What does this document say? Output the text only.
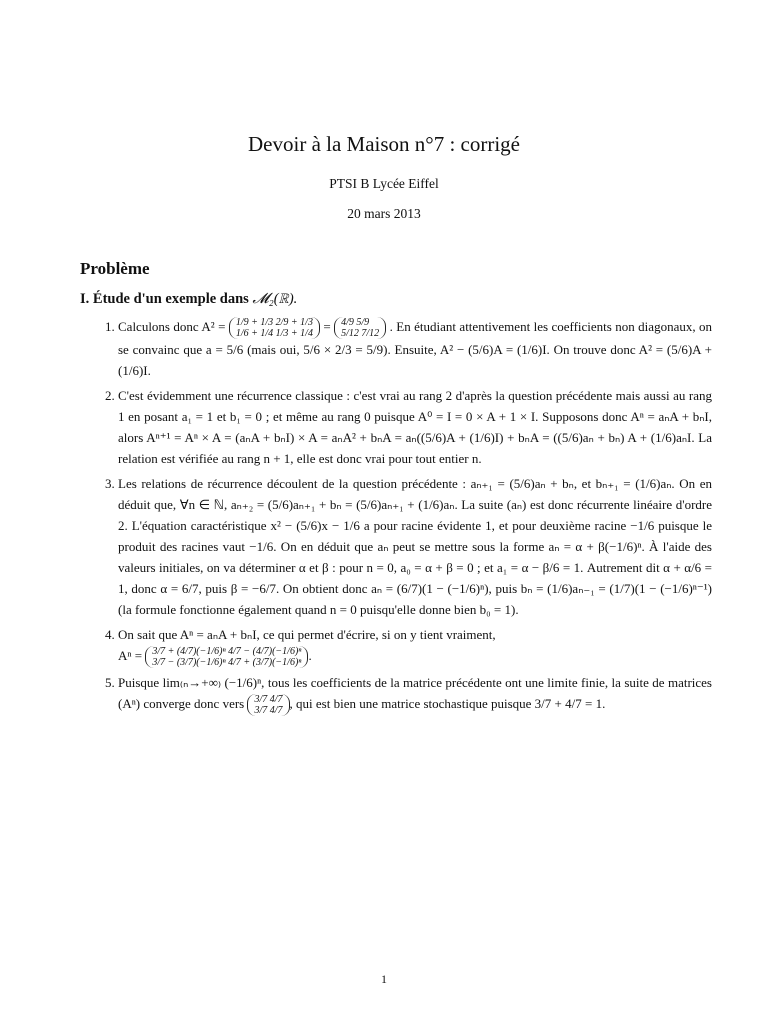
Devoir à la Maison n°7 : corrigé
PTSI B Lycée Eiffel
20 mars 2013
Problème
I. Étude d'un exemple dans 𝓜₂(ℝ).
1. Calculons donc A² = 1/9 + 1/3 2/9 + 1/3
1/6 + 1/4 1/3 + 1/4 = 4/9 5/9
5/12 7/12 . En étudiant attentivement les coefficients non diagonaux, on se convainc que a = 5/6 (mais oui, 5/6 × 2/3 = 5/9). Ensuite, A² − (5/6)A = (1/6)I. On trouve donc A² = (5/6)A + (1/6)I.
2. C'est évidemment une récurrence classique : c'est vrai au rang 2 d'après la question précédente mais aussi au rang 1 en posant a₁ = 1 et b₁ = 0 ; et même au rang 0 puisque A⁰ = I = 0 × A + 1 × I. Supposons donc Aⁿ = aₙA + bₙI, alors Aⁿ⁺¹ = Aⁿ × A = (aₙA + bₙI) × A = aₙA² + bₙA = aₙ((5/6)A + (1/6)I) + bₙA = ((5/6)aₙ + bₙ) A + (1/6)aₙI. La relation est vérifiée au rang n + 1, elle est donc vrai pour tout entier n.
3. Les relations de récurrence découlent de la question précédente : aₙ₊₁ = (5/6)aₙ + bₙ, et bₙ₊₁ = (1/6)aₙ. On en déduit que, ∀n ∈ ℕ, aₙ₊₂ = (5/6)aₙ₊₁ + bₙ = (5/6)aₙ₊₁ + (1/6)aₙ. La suite (aₙ) est donc récurrente linéaire d'ordre 2. L'équation caractéristique x² − (5/6)x − 1/6 a pour racine évidente 1, et pour deuxième racine −1/6 puisque le produit des racines vaut −1/6. On en déduit que aₙ peut se mettre sous la forme aₙ = α + β(−1/6)ⁿ. À l'aide des valeurs initiales, on va déterminer α et β : pour n = 0, a₀ = α + β = 0 ; et a₁ = α − β/6 = 1. Autrement dit α + α/6 = 1, donc α = 6/7, puis β = −6/7. On obtient donc aₙ = (6/7)(1 − (−1/6)ⁿ), puis bₙ = (1/6)aₙ₋₁ = (1/7)(1 − (−1/6)ⁿ⁻¹) (la formule fonctionne également quand n = 0 puisqu'elle donne bien b₀ = 1).
4. On sait que Aⁿ = aₙA + bₙI, ce qui permet d'écrire, si on y tient vraiment,
Aⁿ = 3/7 + (4/7)(−1/6)ⁿ 4/7 − (4/7)(−1/6)ⁿ
3/7 − (3/7)(−1/6)ⁿ 4/7 + (3/7)(−1/6)ⁿ .
5. Puisque lim₍ₙ→+∞₎ (−1/6)ⁿ, tous les coefficients de la matrice précédente ont une limite finie, la suite de matrices (Aⁿ) converge donc vers 3/7 4/7
3/7 4/7 , qui est bien une matrice stochastique puisque 3/7 + 4/7 = 1.
1
